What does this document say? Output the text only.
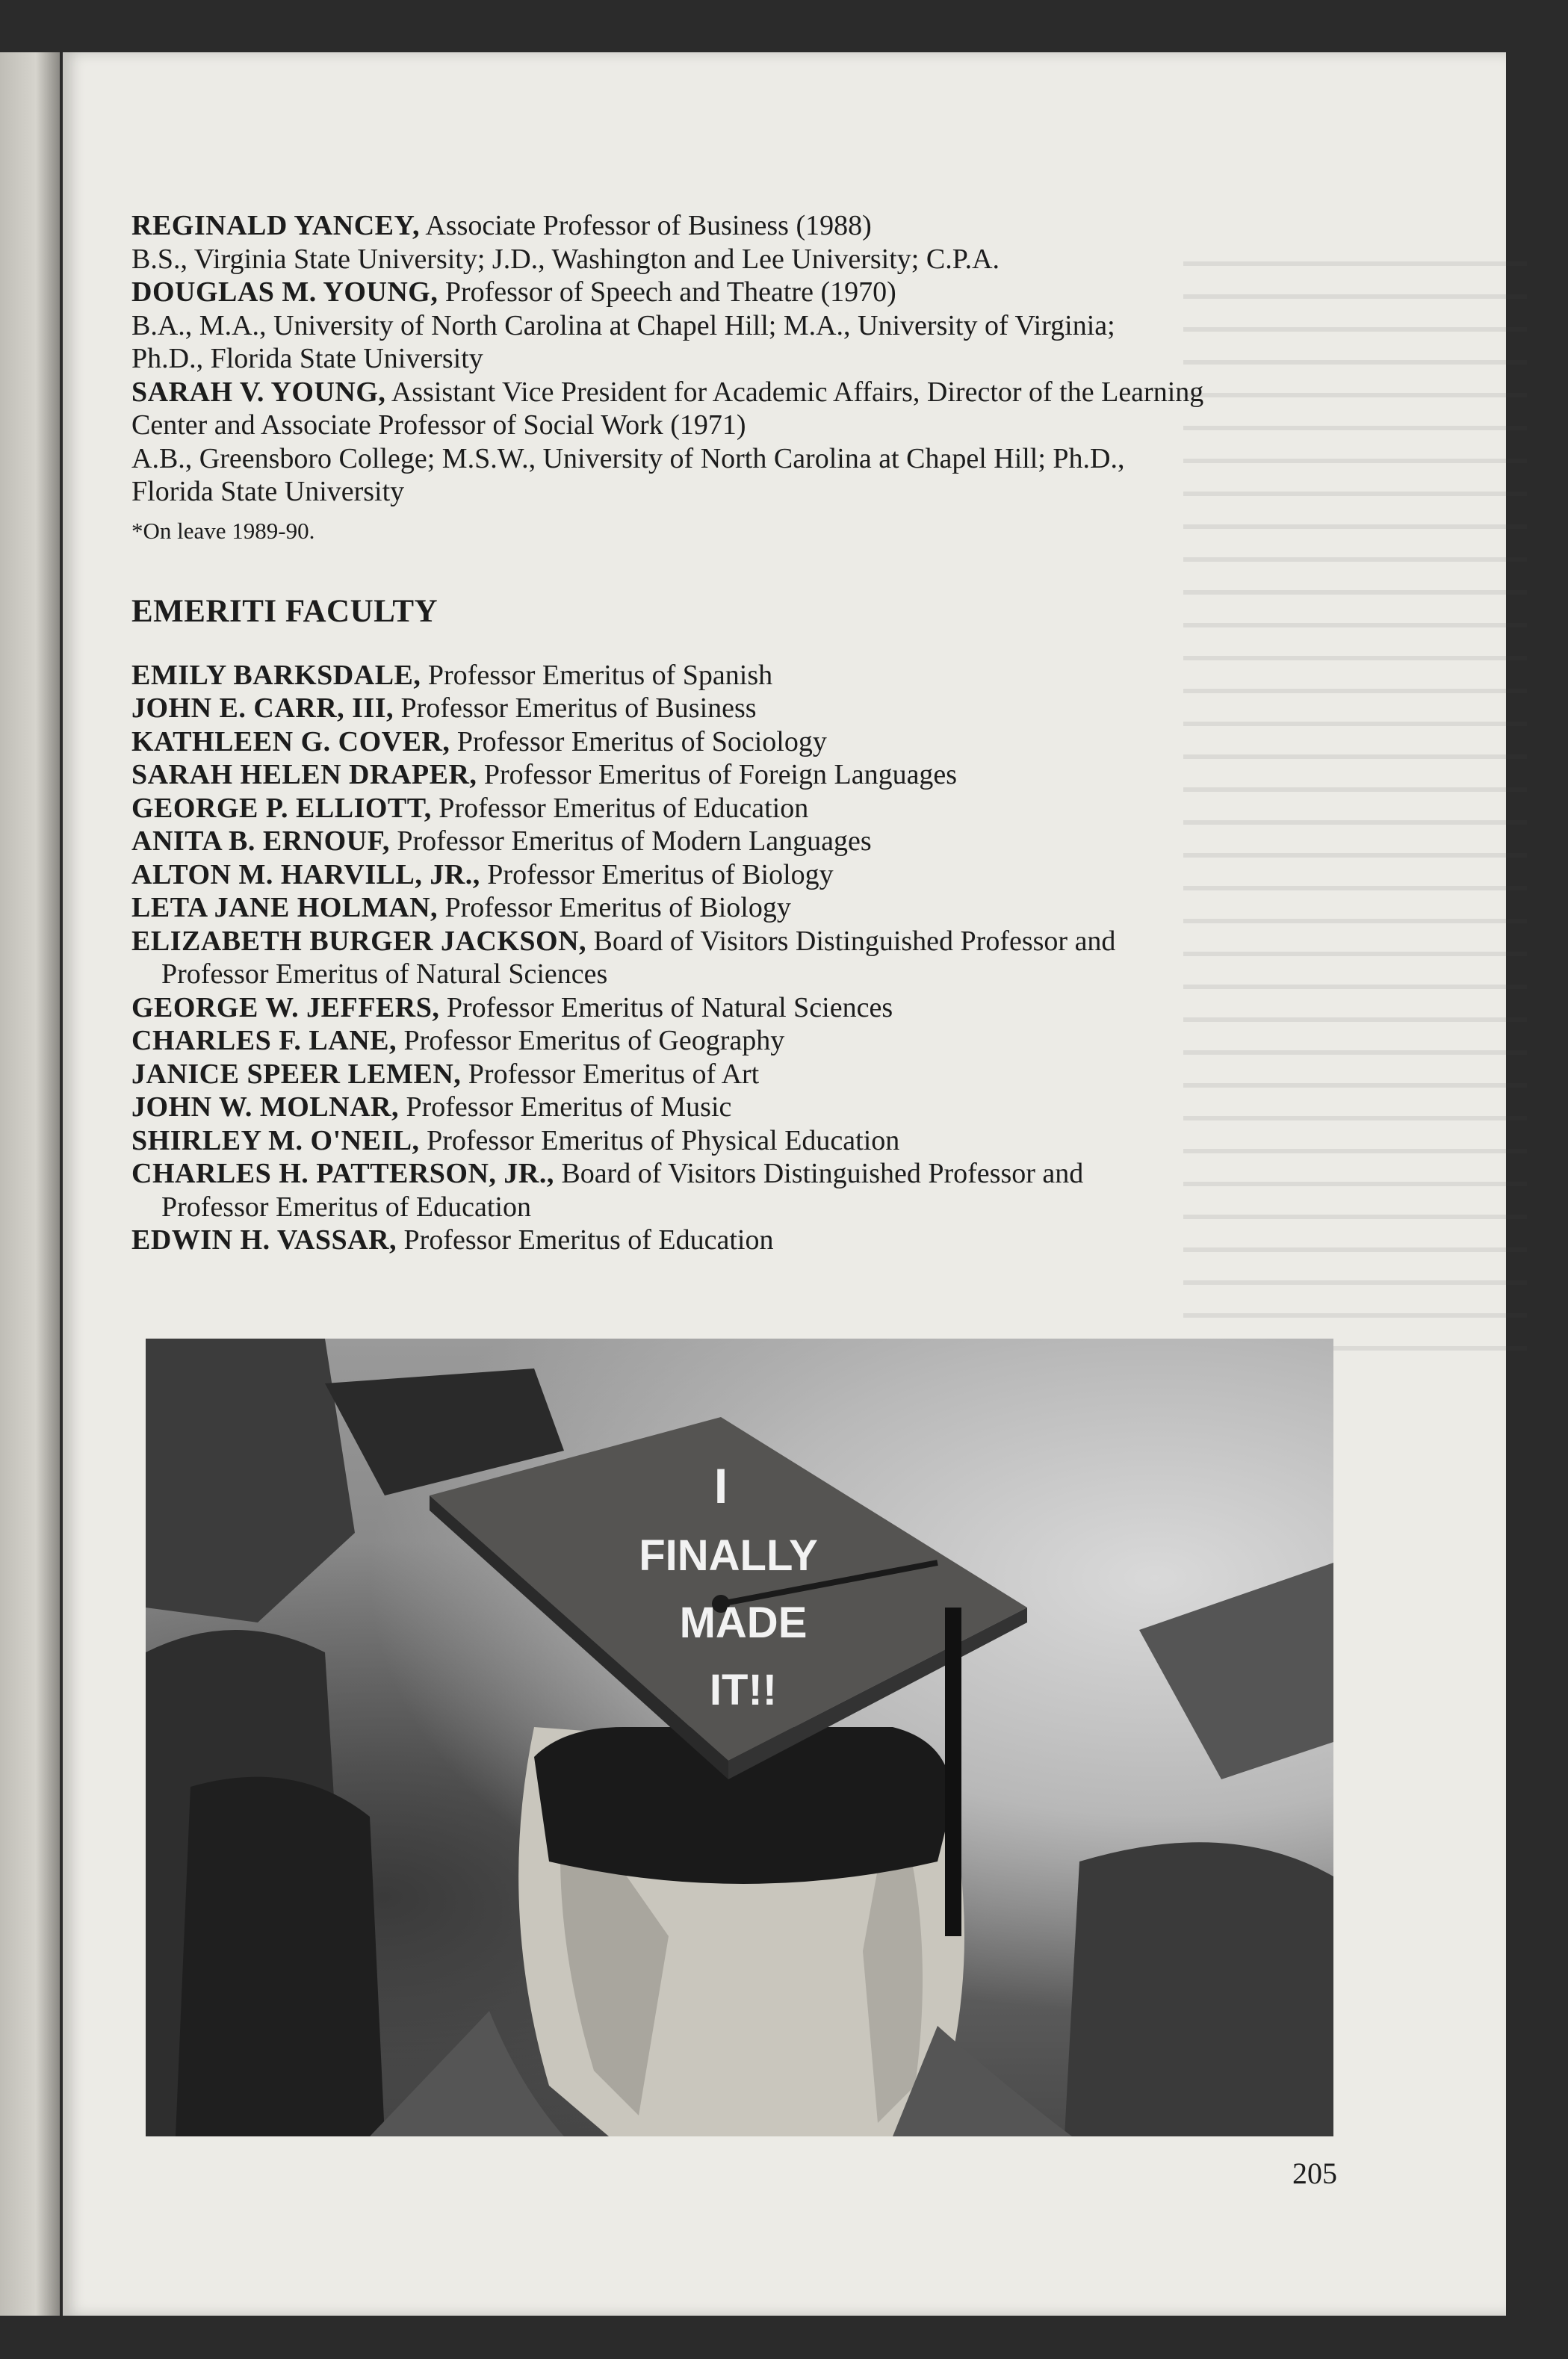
REGINALD YANCEY, Associate Professor of Business (1988)

B.S., Virginia State University; J.D., Washington and Lee University; C.P.A.

DOUGLAS M. YOUNG, Professor of Speech and Theatre (1970)

B.A., M.A., University of North Carolina at Chapel Hill; M.A., University of Virginia;

Ph.D., Florida State University

SARAH V. YOUNG, Assistant Vice President for Academic Affairs, Director of the Learning

Center and Associate Professor of Social Work (1971)

A.B., Greensboro College; M.S.W., University of North Carolina at Chapel Hill; Ph.D.,

Florida State University

*On leave 1989-90.

EMERITI FACULTY

EMILY BARKSDALE, Professor Emeritus of Spanish

JOHN E. CARR, III, Professor Emeritus of Business

KATHLEEN G. COVER, Professor Emeritus of Sociology

SARAH HELEN DRAPER, Professor Emeritus of Foreign Languages

GEORGE P. ELLIOTT, Professor Emeritus of Education

ANITA B. ERNOUF, Professor Emeritus of Modern Languages

ALTON M. HARVILL, JR., Professor Emeritus of Biology

LETA JANE HOLMAN, Professor Emeritus of Biology

ELIZABETH BURGER JACKSON, Board of Visitors Distinguished Professor and

Professor Emeritus of Natural Sciences

GEORGE W. JEFFERS, Professor Emeritus of Natural Sciences

CHARLES F. LANE, Professor Emeritus of Geography

JANICE SPEER LEMEN, Professor Emeritus of Art

JOHN W. MOLNAR, Professor Emeritus of Music

SHIRLEY M. O'NEIL, Professor Emeritus of Physical Education

CHARLES H. PATTERSON, JR., Board of Visitors Distinguished Professor and

Professor Emeritus of Education

EDWIN H. VASSAR, Professor Emeritus of Education

I
FINALLY
MADE
IT!!
205
